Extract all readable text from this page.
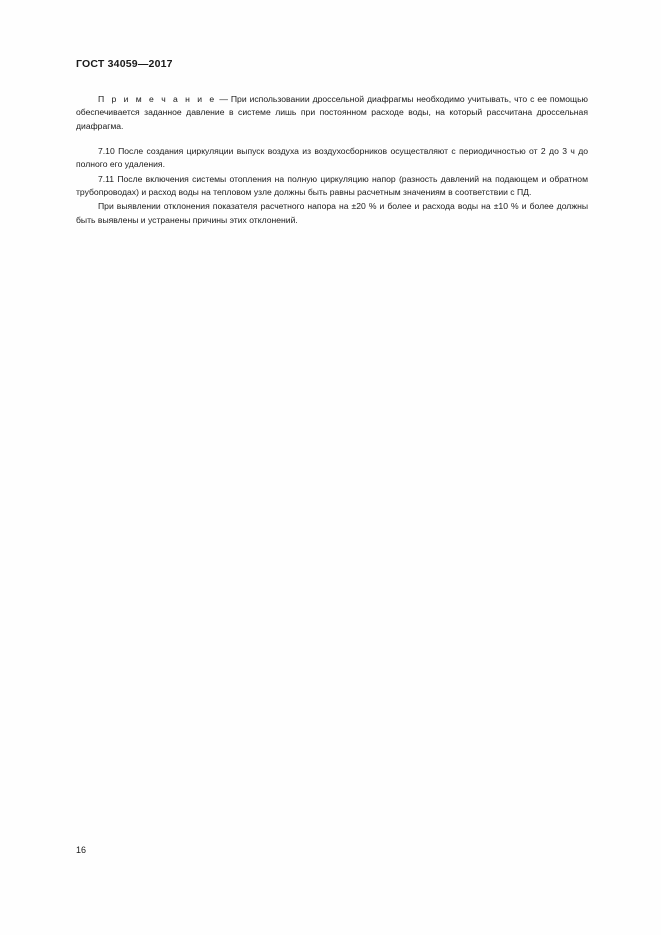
ГОСТ 34059—2017

П р и м е ч а н и е — При использовании дроссельной диафрагмы необходимо учитывать, что с ее помощью обеспечивается заданное давление в системе лишь при постоянном расходе воды, на который рассчитана дроссельная диафрагма.

7.10 После создания циркуляции выпуск воздуха из воздухосборников осуществляют с периодичностью от 2 до 3 ч до полного его удаления.

7.11 После включения системы отопления на полную циркуляцию напор (разность давлений на подающем и обратном трубопроводах) и расход воды на тепловом узле должны быть равны расчетным значениям в соответствии с ПД.

При выявлении отклонения показателя расчетного напора на ±20 % и более и расхода воды на ±10 % и более должны быть выявлены и устранены причины этих отклонений.

16
